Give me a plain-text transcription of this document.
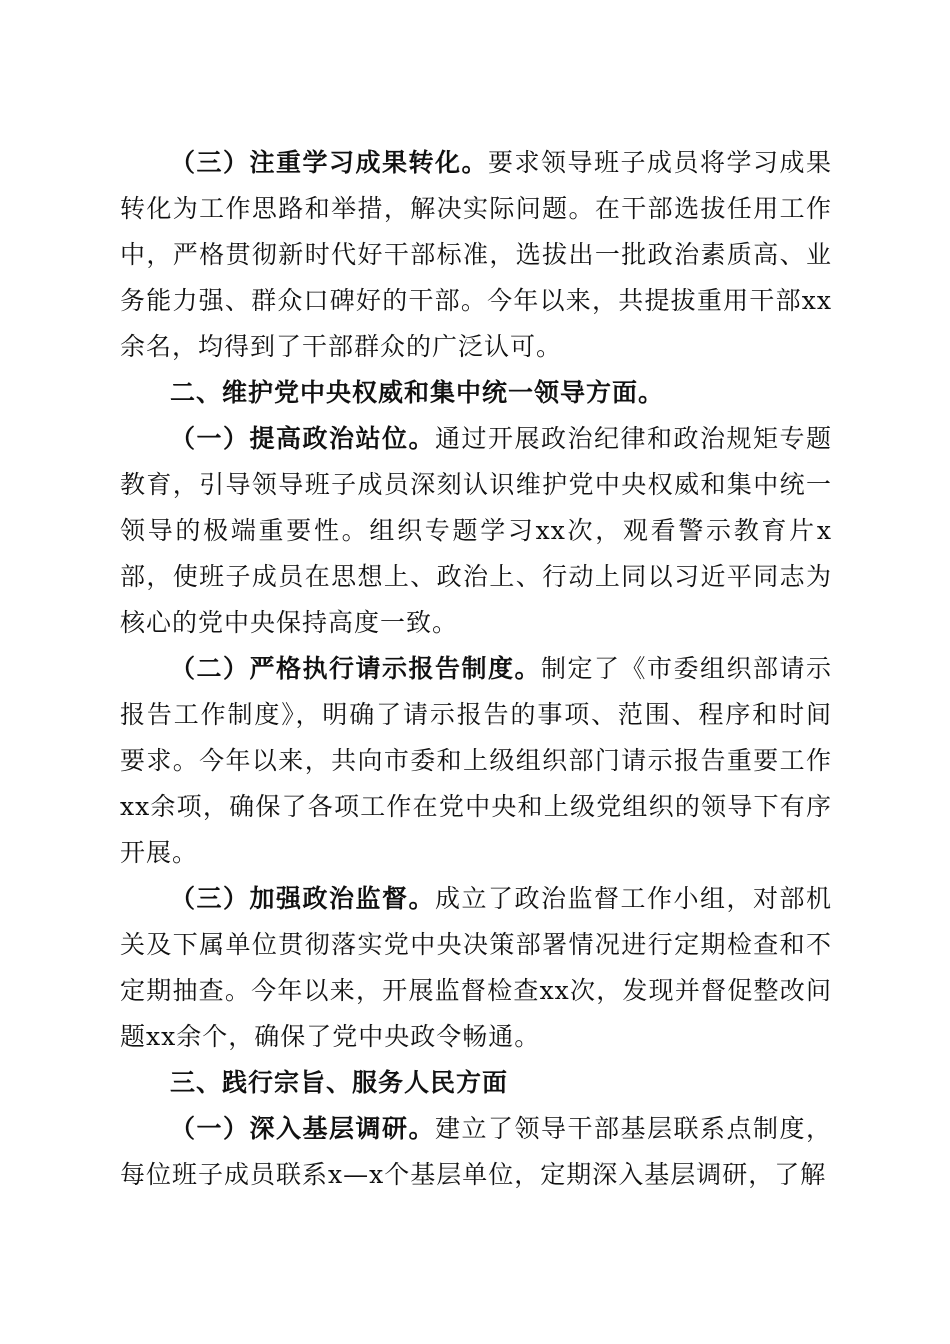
（三）注重学习成果转化。要求领导班子成员将学习成果转化为工作思路和举措，解决实际问题。在干部选拔任用工作中，严格贯彻新时代好干部标准，选拔出一批政治素质高、业务能力强、群众口碑好的干部。今年以来，共提拔重用干部xx余名，均得到了干部群众的广泛认可。

二、维护党中央权威和集中统一领导方面。

（一）提高政治站位。通过开展政治纪律和政治规矩专题教育，引导领导班子成员深刻认识维护党中央权威和集中统一领导的极端重要性。组织专题学习xx次，观看警示教育片x部，使班子成员在思想上、政治上、行动上同以习近平同志为核心的党中央保持高度一致。

（二）严格执行请示报告制度。制定了《市委组织部请示报告工作制度》，明确了请示报告的事项、范围、程序和时间要求。今年以来，共向市委和上级组织部门请示报告重要工作xx余项，确保了各项工作在党中央和上级党组织的领导下有序开展。

（三）加强政治监督。成立了政治监督工作小组，对部机关及下属单位贯彻落实党中央决策部署情况进行定期检查和不定期抽查。今年以来，开展监督检查xx次，发现并督促整改问题xx余个，确保了党中央政令畅通。

三、践行宗旨、服务人民方面

（一）深入基层调研。建立了领导干部基层联系点制度，每位班子成员联系x—x个基层单位，定期深入基层调研，了解
